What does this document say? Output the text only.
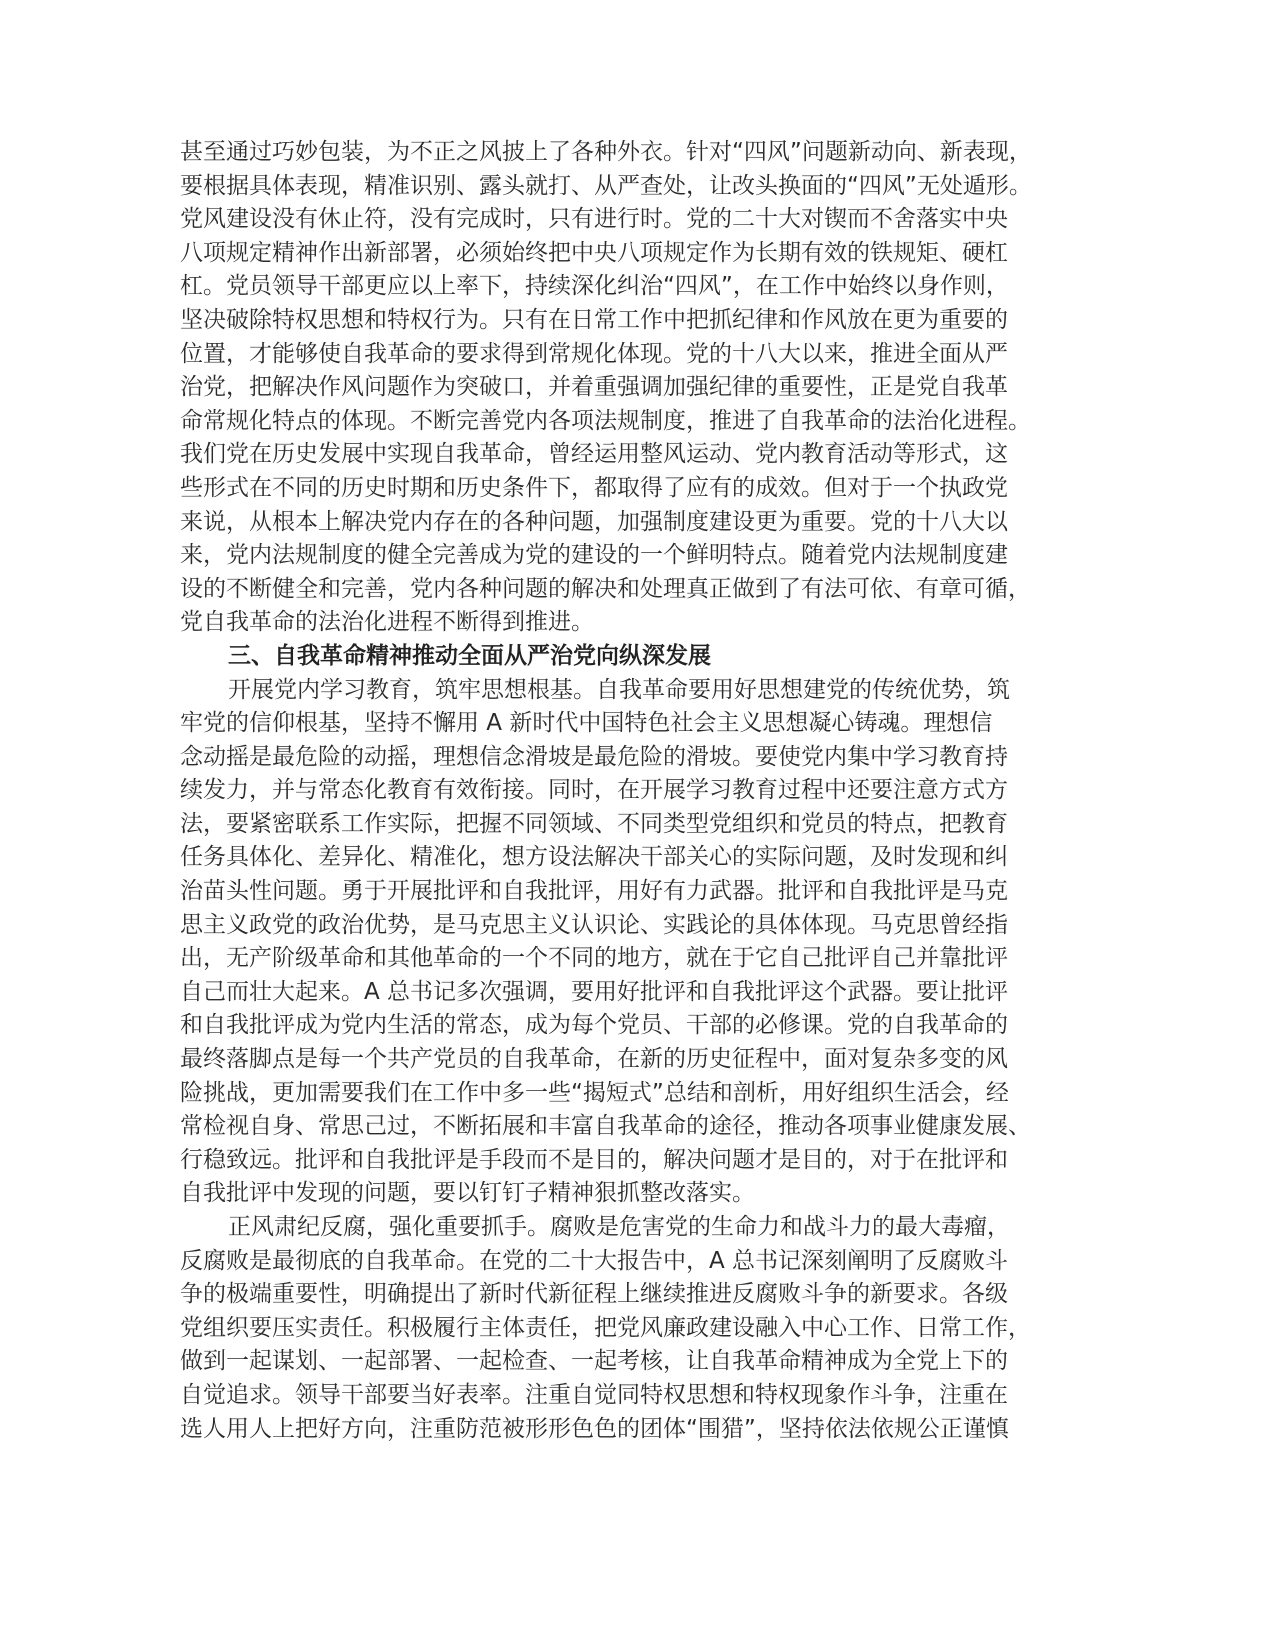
甚至通过巧妙包装，为不正之风披上了各种外衣。针对“四风”问题新动向、新表现，
要根据具体表现，精准识别、露头就打、从严查处，让改头换面的“四风”无处遁形。
党风建设没有休止符，没有完成时，只有进行时。党的二十大对锲而不舍落实中央
八项规定精神作出新部署，必须始终把中央八项规定作为长期有效的铁规矩、硬杠
杠。党员领导干部更应以上率下，持续深化纠治“四风”，在工作中始终以身作则，
坚决破除特权思想和特权行为。只有在日常工作中把抓纪律和作风放在更为重要的
位置，才能够使自我革命的要求得到常规化体现。党的十八大以来，推进全面从严
治党，把解决作风问题作为突破口，并着重强调加强纪律的重要性，正是党自我革
命常规化特点的体现。不断完善党内各项法规制度，推进了自我革命的法治化进程。
我们党在历史发展中实现自我革命，曾经运用整风运动、党内教育活动等形式，这
些形式在不同的历史时期和历史条件下，都取得了应有的成效。但对于一个执政党
来说，从根本上解决党内存在的各种问题，加强制度建设更为重要。党的十八大以
来，党内法规制度的健全完善成为党的建设的一个鲜明特点。随着党内法规制度建
设的不断健全和完善，党内各种问题的解决和处理真正做到了有法可依、有章可循，
党自我革命的法治化进程不断得到推进。
三、自我革命精神推动全面从严治党向纵深发展
开展党内学习教育，筑牢思想根基。自我革命要用好思想建党的传统优势，筑
牢党的信仰根基，坚持不懈用 A 新时代中国特色社会主义思想凝心铸魂。理想信
念动摇是最危险的动摇，理想信念滑坡是最危险的滑坡。要使党内集中学习教育持
续发力，并与常态化教育有效衔接。同时，在开展学习教育过程中还要注意方式方
法，要紧密联系工作实际，把握不同领域、不同类型党组织和党员的特点，把教育
任务具体化、差异化、精准化，想方设法解决干部关心的实际问题，及时发现和纠
治苗头性问题。勇于开展批评和自我批评，用好有力武器。批评和自我批评是马克
思主义政党的政治优势，是马克思主义认识论、实践论的具体体现。马克思曾经指
出，无产阶级革命和其他革命的一个不同的地方，就在于它自己批评自己并靠批评
自己而壮大起来。A 总书记多次强调，要用好批评和自我批评这个武器。要让批评
和自我批评成为党内生活的常态，成为每个党员、干部的必修课。党的自我革命的
最终落脚点是每一个共产党员的自我革命，在新的历史征程中，面对复杂多变的风
险挑战，更加需要我们在工作中多一些“揭短式”总结和剖析，用好组织生活会，经
常检视自身、常思己过，不断拓展和丰富自我革命的途径，推动各项事业健康发展、
行稳致远。批评和自我批评是手段而不是目的，解决问题才是目的，对于在批评和
自我批评中发现的问题，要以钉钉子精神狠抓整改落实。
正风肃纪反腐，强化重要抓手。腐败是危害党的生命力和战斗力的最大毒瘤，
反腐败是最彻底的自我革命。在党的二十大报告中，A 总书记深刻阐明了反腐败斗
争的极端重要性，明确提出了新时代新征程上继续推进反腐败斗争的新要求。各级
党组织要压实责任。积极履行主体责任，把党风廉政建设融入中心工作、日常工作，
做到一起谋划、一起部署、一起检查、一起考核，让自我革命精神成为全党上下的
自觉追求。领导干部要当好表率。注重自觉同特权思想和特权现象作斗争，注重在
选人用人上把好方向，注重防范被形形色色的团体“围猎”，坚持依法依规公正谨慎
